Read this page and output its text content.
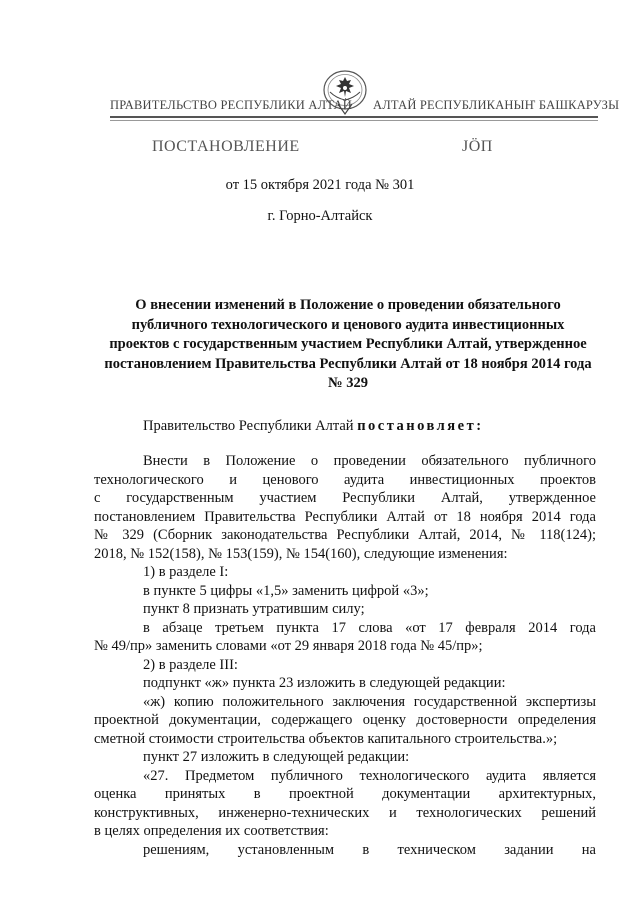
ПРАВИТЕЛЬСТВО РЕСПУБЛИКИ АЛТАЙ АЛТАЙ РЕСПУБЛИКАНЫҤ БАШКАРУЗЫ
ПОСТАНОВЛЕНИЕ	ЈӦП
от 15 октября 2021 года № 301
г. Горно-Алтайск
О внесении изменений в Положение о проведении обязательного публичного технологического и ценового аудита инвестиционных проектов с государственным участием Республики Алтай, утвержденное постановлением Правительства Республики Алтай от 18 ноября 2014 года № 329
Правительство Республики Алтай постановляет:

Внести в Положение о проведении обязательного публичного

технологического и ценового аудита инвестиционных проектов

с государственным участием Республики Алтай, утвержденное

постановлением Правительства Республики Алтай от 18 ноября 2014 года

№ 329 (Сборник законодательства Республики Алтай, 2014, № 118(124);

2018, № 152(158), № 153(159), № 154(160), следующие изменения:

1) в разделе I:

в пункте 5 цифры «1,5» заменить цифрой «3»;

пункт 8 признать утратившим силу;

в абзаце третьем пункта 17 слова «от 17 февраля 2014 года

№ 49/пр» заменить словами «от 29 января 2018 года № 45/пр»;

2) в разделе III:

подпункт «ж» пункта 23 изложить в следующей редакции:

«ж) копию положительного заключения государственной экспертизы

проектной документации, содержащего оценку достоверности определения

сметной стоимости строительства объектов капитального строительства.»;

пункт 27 изложить в следующей редакции:

«27. Предметом публичного технологического аудита является

оценка принятых в проектной документации архитектурных,

конструктивных, инженерно-технических и технологических решений

в целях определения их соответствия:

решениям, установленным в техническом задании на
